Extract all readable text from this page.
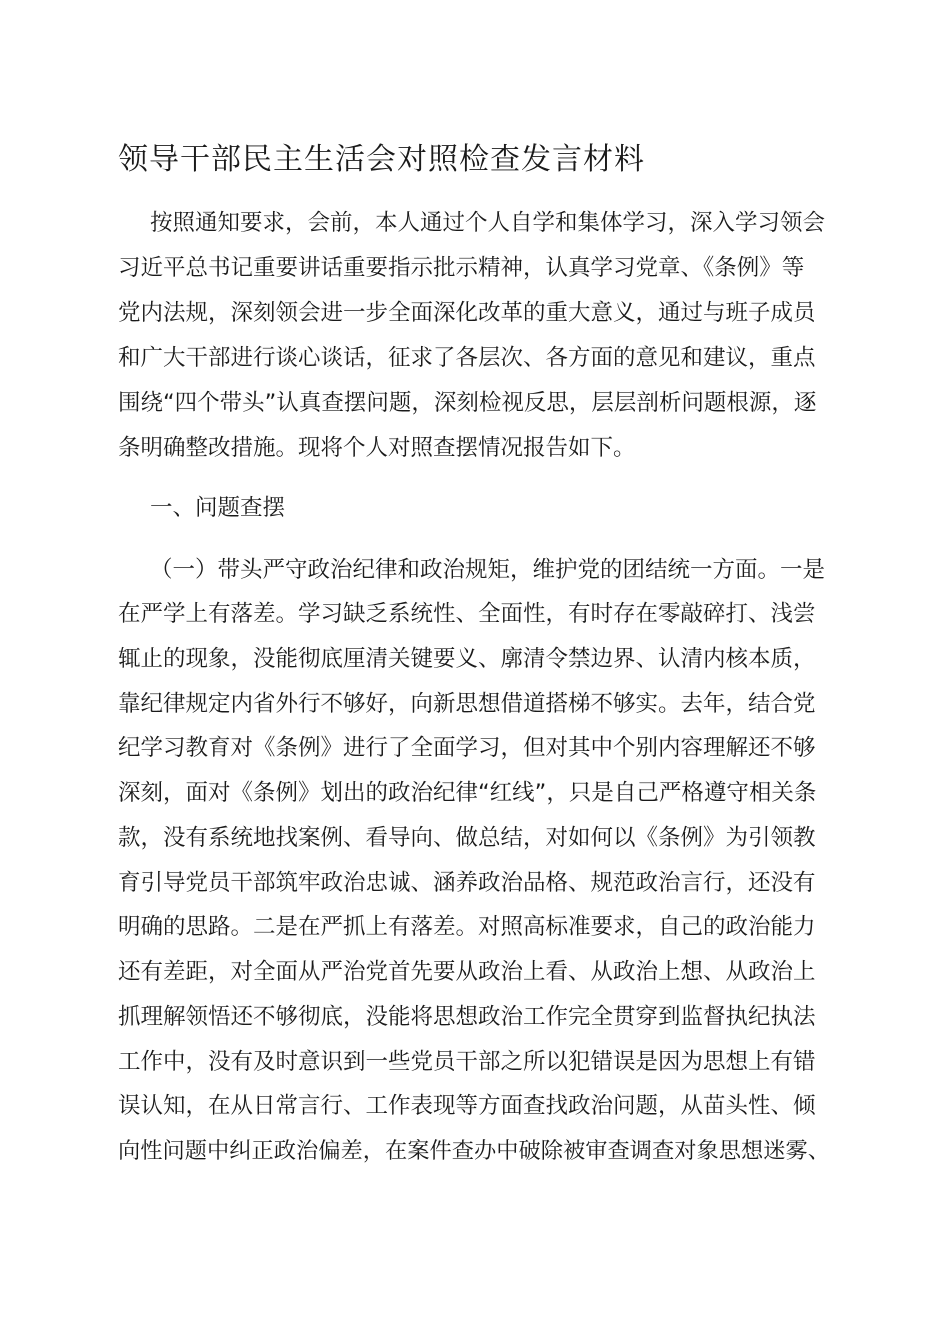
领导干部民主生活会对照检查发言材料
按照通知要求，会前，本人通过个人自学和集体学习，深入学习领会
习近平总书记重要讲话重要指示批示精神，认真学习党章、《条例》等
党内法规，深刻领会进一步全面深化改革的重大意义，通过与班子成员
和广大干部进行谈心谈话，征求了各层次、各方面的意见和建议，重点
围绕“四个带头”认真查摆问题，深刻检视反思，层层剖析问题根源，逐
条明确整改措施。现将个人对照查摆情况报告如下。
一、问题查摆
（一）带头严守政治纪律和政治规矩，维护党的团结统一方面。一是
在严学上有落差。学习缺乏系统性、全面性，有时存在零敲碎打、浅尝
辄止的现象，没能彻底厘清关键要义、廓清令禁边界、认清内核本质，
靠纪律规定内省外行不够好，向新思想借道搭梯不够实。去年，结合党
纪学习教育对《条例》进行了全面学习，但对其中个别内容理解还不够
深刻，面对《条例》划出的政治纪律“红线”，只是自己严格遵守相关条
款，没有系统地找案例、看导向、做总结，对如何以《条例》为引领教
育引导党员干部筑牢政治忠诚、涵养政治品格、规范政治言行，还没有
明确的思路。二是在严抓上有落差。对照高标准要求，自己的政治能力
还有差距，对全面从严治党首先要从政治上看、从政治上想、从政治上
抓理解领悟还不够彻底，没能将思想政治工作完全贯穿到监督执纪执法
工作中，没有及时意识到一些党员干部之所以犯错误是因为思想上有错
误认知，在从日常言行、工作表现等方面查找政治问题，从苗头性、倾
向性问题中纠正政治偏差，在案件查办中破除被审查调查对象思想迷雾、
